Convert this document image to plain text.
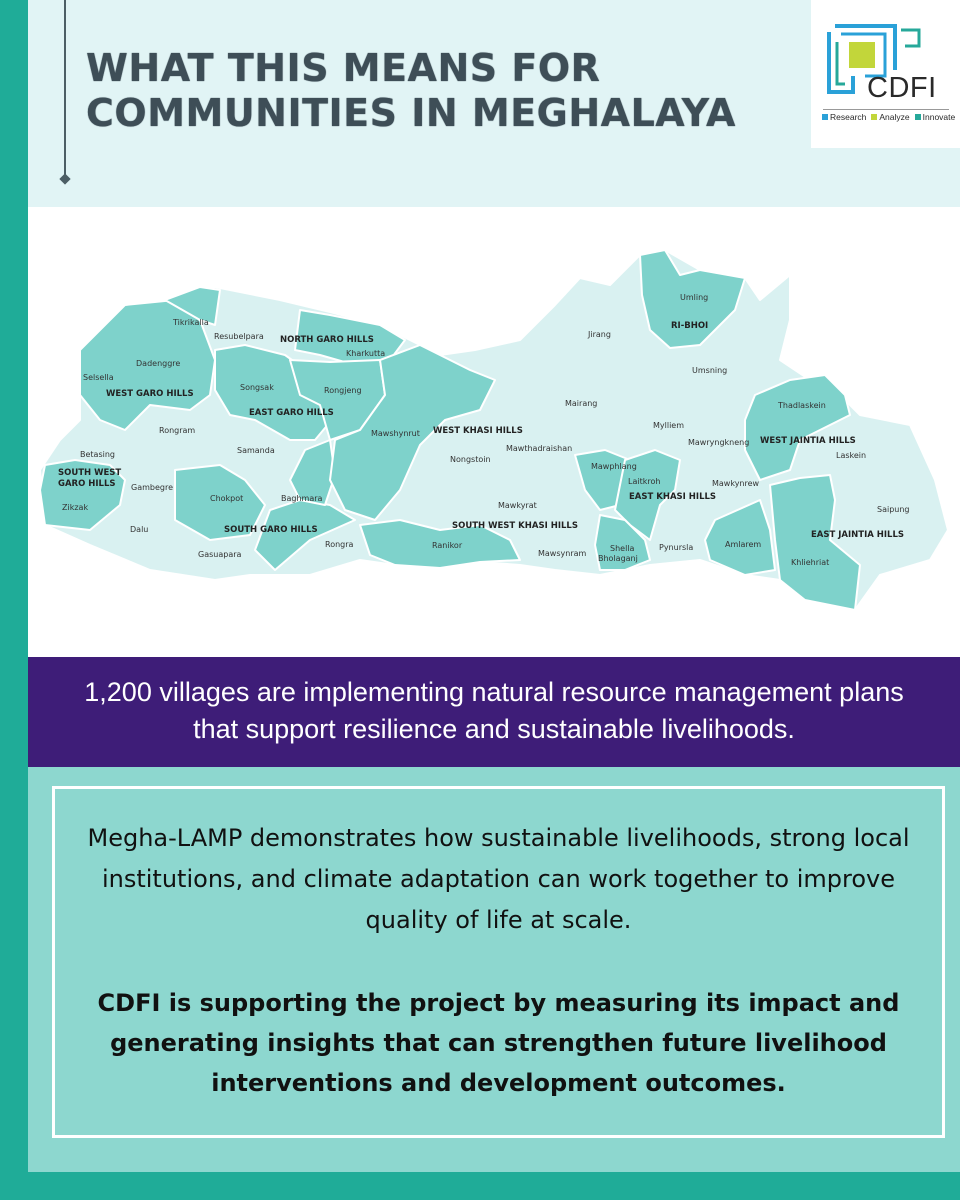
WHAT THIS MEANS FOR COMMUNITIES IN MEGHALAYA
CDFI
Research Analyze Innovate
Tikrikalla
Resubelpara
Kharkutta
Dadenggre
Selsella
Songsak	Rongjeng
Rongram
Samanda
Betasing
Gambegre
Zikzak
Chokpot	Baghmara
Dalu
Gasuapara
Rongra
Mawshynrut
Nongstoin
Mawthadraishan
Mawkyrat
Ranikor
Mawsynram
Shella Bholaganj
Pynursla
Mawphlang
Laitkroh
Mylliem
Mairang
Jirang
Umling
Umsning
Mawryngkneng
Mawkynrew
Thadlaskein
Laskein
Saipung
Amlarem
Khliehriat
NORTH GARO HILLS
WEST GARO HILLS
EAST GARO HILLS
SOUTH WEST GARO HILLS
SOUTH GARO HILLS
WEST KHASI HILLS
SOUTH WEST KHASI HILLS
EAST KHASI HILLS
RI-BHOI
WEST JAINTIA HILLS
EAST JAINTIA HILLS

1,200 villages are implementing natural resource management plans that support resilience and sustainable livelihoods.

Megha-LAMP demonstrates how sustainable livelihoods, strong local institutions, and climate adaptation can work together to improve quality of life at scale.

CDFI is supporting the project by measuring its impact and generating insights that can strengthen future livelihood interventions and development outcomes.
